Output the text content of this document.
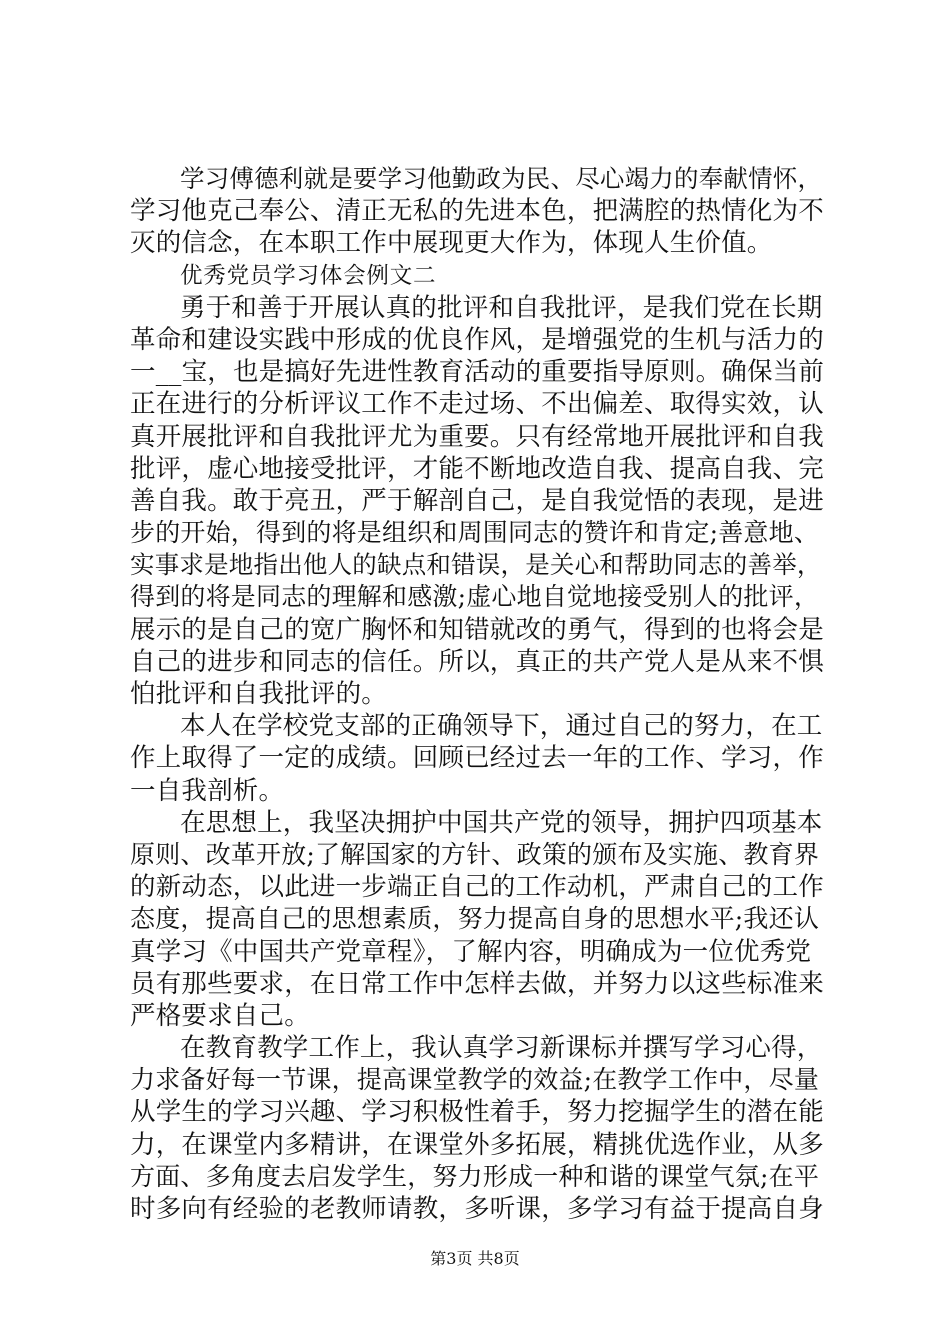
学习傅德利就是要学习他勤政为民、尽心竭力的奉献情怀，
学习他克己奉公、清正无私的先进本色，把满腔的热情化为不
灭的信念，在本职工作中展现更大作为，体现人生价值。
优秀党员学习体会例文二
勇于和善于开展认真的批评和自我批评，是我们党在长期
革命和建设实践中形成的优良作风，是增强党的生机与活力的
一__宝，也是搞好先进性教育活动的重要指导原则。确保当前
正在进行的分析评议工作不走过场、不出偏差、取得实效，认
真开展批评和自我批评尤为重要。只有经常地开展批评和自我
批评，虚心地接受批评，才能不断地改造自我、提高自我、完
善自我。敢于亮丑，严于解剖自己，是自我觉悟的表现，是进
步的开始，得到的将是组织和周围同志的赞许和肯定;善意地、
实事求是地指出他人的缺点和错误，是关心和帮助同志的善举，
得到的将是同志的理解和感激;虚心地自觉地接受别人的批评，
展示的是自己的宽广胸怀和知错就改的勇气，得到的也将会是
自己的进步和同志的信任。所以，真正的共产党人是从来不惧
怕批评和自我批评的。
本人在学校党支部的正确领导下，通过自己的努力，在工
作上取得了一定的成绩。回顾已经过去一年的工作、学习，作
一自我剖析。
在思想上，我坚决拥护中国共产党的领导，拥护四项基本
原则、改革开放;了解国家的方针、政策的颁布及实施、教育界
的新动态，以此进一步端正自己的工作动机，严肃自己的工作
态度，提高自己的思想素质，努力提高自身的思想水平;我还认
真学习《中国共产党章程》，了解内容，明确成为一位优秀党
员有那些要求，在日常工作中怎样去做，并努力以这些标准来
严格要求自己。
在教育教学工作上，我认真学习新课标并撰写学习心得，
力求备好每一节课，提高课堂教学的效益;在教学工作中，尽量
从学生的学习兴趣、学习积极性着手，努力挖掘学生的潜在能
力，在课堂内多精讲，在课堂外多拓展，精挑优选作业，从多
方面、多角度去启发学生，努力形成一种和谐的课堂气氛;在平
时多向有经验的老教师请教，多听课，多学习有益于提高自身
第3页 共8页
